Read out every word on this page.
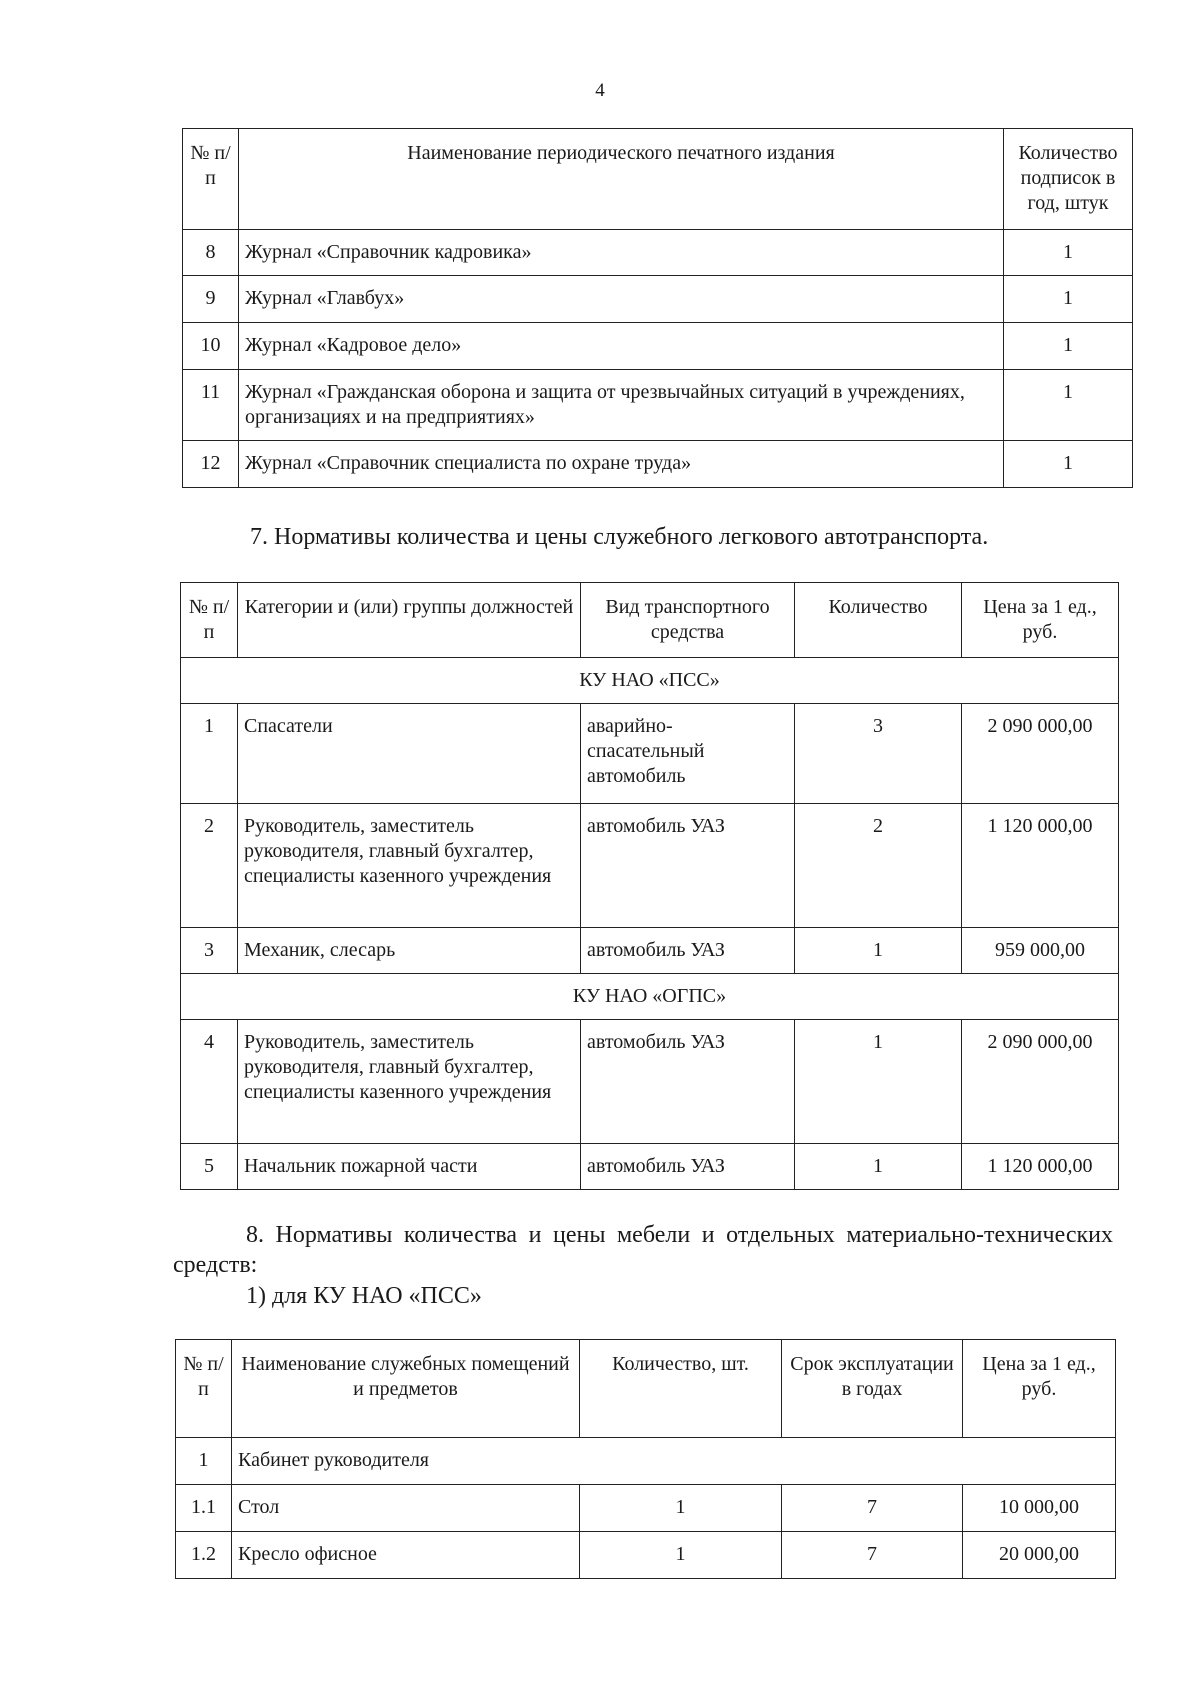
4
№ п/п	Наименование периодического печатного издания	Количество подписок в год, штук
8	Журнал «Справочник кадровика»	1
9	Журнал «Главбух»	1
10	Журнал «Кадровое дело»	1
11	Журнал «Гражданская оборона и защита от чрезвычайных ситуаций в учреждениях, организациях и на предприятиях»	1
12	Журнал «Справочник специалиста по охране труда»	1
7. Нормативы количества и цены служебного легкового автотранспорта.
№ п/п	Категории и (или) группы должностей	Вид транспортного средства	Количество	Цена за 1 ед., руб.
КУ НАО «ПСС»				
1	Спасатели	аварийно-спасательный автомобиль	3	2 090 000,00
2	Руководитель, заместитель руководителя, главный бухгалтер, специалисты казенного учреждения	автомобиль УАЗ	2	1 120 000,00
3	Механик, слесарь	автомобиль УАЗ	1	959 000,00
КУ НАО «ОГПС»				
4	Руководитель, заместитель руководителя, главный бухгалтер, специалисты казенного учреждения	автомобиль УАЗ	1	2 090 000,00
5	Начальник пожарной части	автомобиль УАЗ	1	1 120 000,00
8. Нормативы количества и цены мебели и отдельных материально-технических средств:
1) для КУ НАО «ПСС»
№ п/п	Наименование служебных помещений и предметов	Количество, шт.	Срок эксплуатации в годах	Цена за 1 ед., руб.
1	Кабинет руководителя			
1.1	Стол	1	7	10 000,00
1.2	Кресло офисное	1	7	20 000,00
